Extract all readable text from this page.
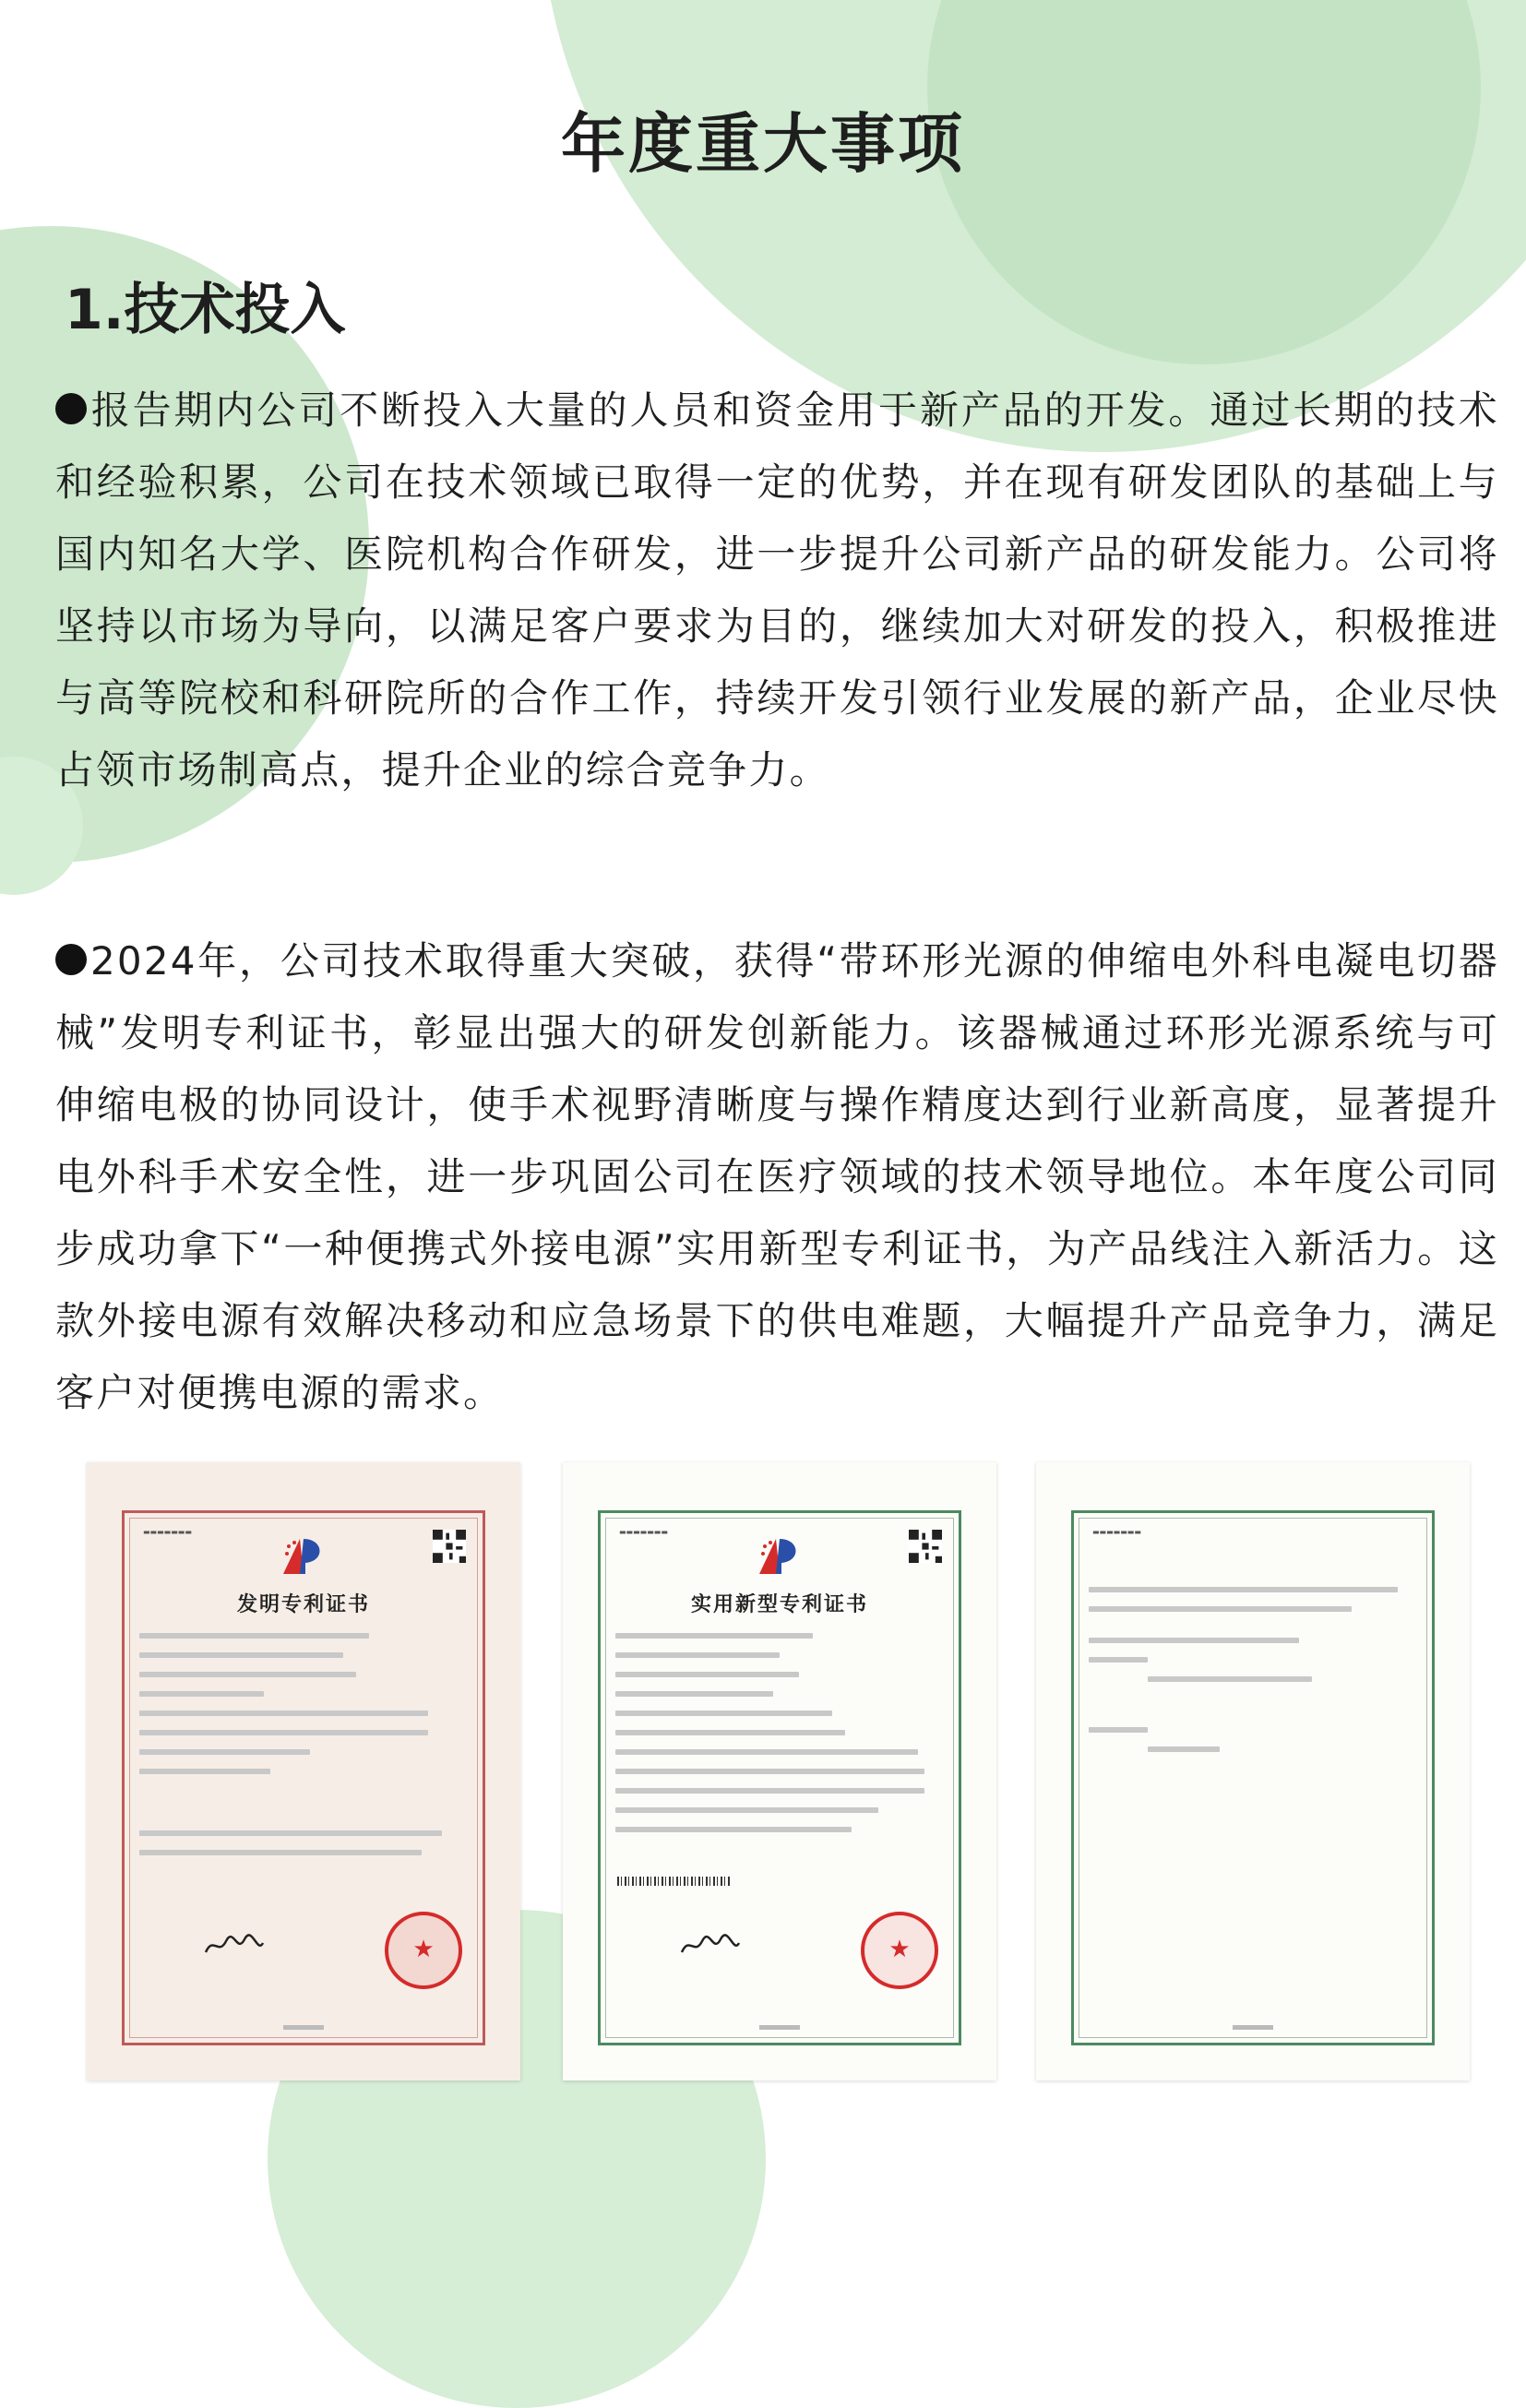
年度重大事项
1.技术投入

报告期内公司不断投入大量的人员和资金用于新产品的开发。通过长期的技术和经验积累，公司在技术领域已取得一定的优势，并在现有研发团队的基础上与国内知名大学、医院机构合作研发，进一步提升公司新产品的研发能力。公司将坚持以市场为导向，以满足客户要求为目的，继续加大对研发的投入，积极推进与高等院校和科研院所的合作工作，持续开发引领行业发展的新产品，企业尽快占领市场制高点，提升企业的综合竞争力。

2024年，公司技术取得重大突破，获得“带环形光源的伸缩电外科电凝电切器械”发明专利证书，彰显出强大的研发创新能力。该器械通过环形光源系统与可伸缩电极的协同设计，使手术视野清晰度与操作精度达到行业新高度，显著提升电外科手术安全性，进一步巩固公司在医疗领域的技术领导地位。本年度公司同步成功拿下“一种便携式外接电源”实用新型专利证书，为产品线注入新活力。这款外接电源有效解决移动和应急场景下的供电难题，大幅提升产品竞争力，满足客户对便携电源的需求。

▬▬▬▬▬▬▬
发明专利证书
★
▬▬▬▬▬▬▬
实用新型专利证书
★
▬▬▬▬▬▬▬
